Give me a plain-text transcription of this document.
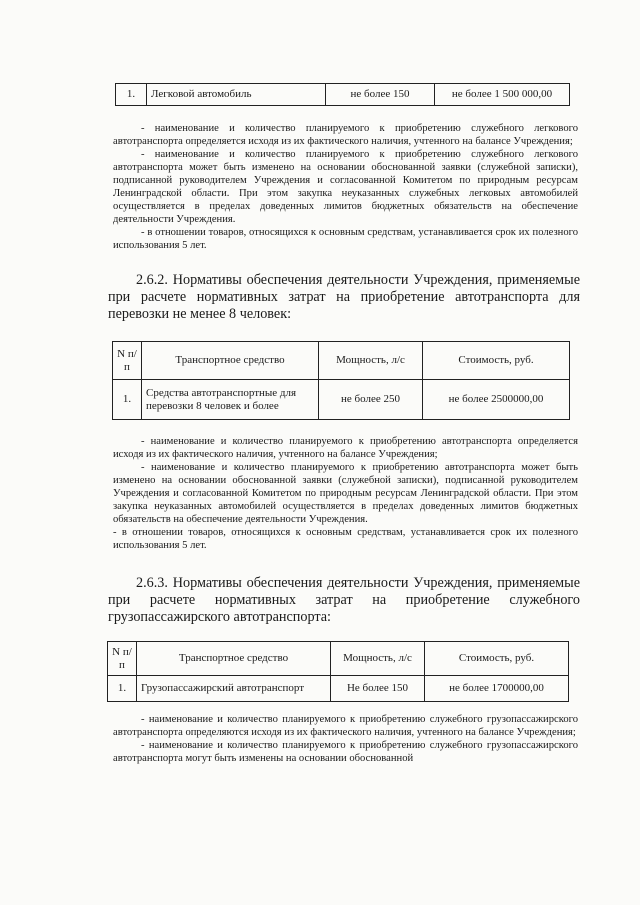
1.	Легковой автомобиль	не более 150	не более 1 500 000,00

- наименование и количество планируемого к приобретению служебного легкового автотранспорта определяется исходя из их фактического наличия, учтенного на балансе Учреждения;

- наименование и количество планируемого к приобретению служебного легкового автотранспорта может быть изменено на основании обоснованной заявки (служебной записки), подписанной руководителем Учреждения и согласованной Комитетом по природным ресурсам Ленинградской области. При этом закупка неуказанных служебных легковых автомобилей осуществляется в пределах доведенных лимитов бюджетных обязательств на обеспечение деятельности Учреждения.

- в отношении товаров, относящихся к основным средствам, устанавливается срок их полезного использования 5 лет.

2.6.2. Нормативы обеспечения деятельности Учреждения, применяемые при расчете нормативных затрат на приобретение автотранспорта для перевозки не менее 8 человек:

N п/п	Транспортное средство	Мощность, л/с	Стоимость, руб.
1.	Средства автотранспортные для перевозки 8 человек и более	не более 250	не более 2500000,00

- наименование и количество планируемого к приобретению автотранспорта определяется исходя из их фактического наличия, учтенного на балансе Учреждения;

- наименование и количество планируемого к приобретению автотранспорта может быть изменено на основании обоснованной заявки (служебной записки), подписанной руководителем Учреждения и согласованной Комитетом по природным ресурсам Ленинградской области. При этом закупка неуказанных автомобилей осуществляется в пределах доведенных лимитов бюджетных обязательств на обеспечение деятельности Учреждения.

- в отношении товаров, относящихся к основным средствам, устанавливается срок их полезного использования 5 лет.

2.6.3. Нормативы обеспечения деятельности Учреждения, применяемые при расчете нормативных затрат на приобретение служебного грузопассажирского автотранспорта:

N п/п	Транспортное средство	Мощность, л/с	Стоимость, руб.
1.	Грузопассажирский автотранспорт	Не более 150	не более 1700000,00

- наименование и количество планируемого к приобретению служебного грузопассажирского автотранспорта определяются исходя из их фактического наличия, учтенного на балансе Учреждения;

- наименование и количество планируемого к приобретению служебного грузопассажирского автотранспорта могут быть изменены на основании обоснованной
